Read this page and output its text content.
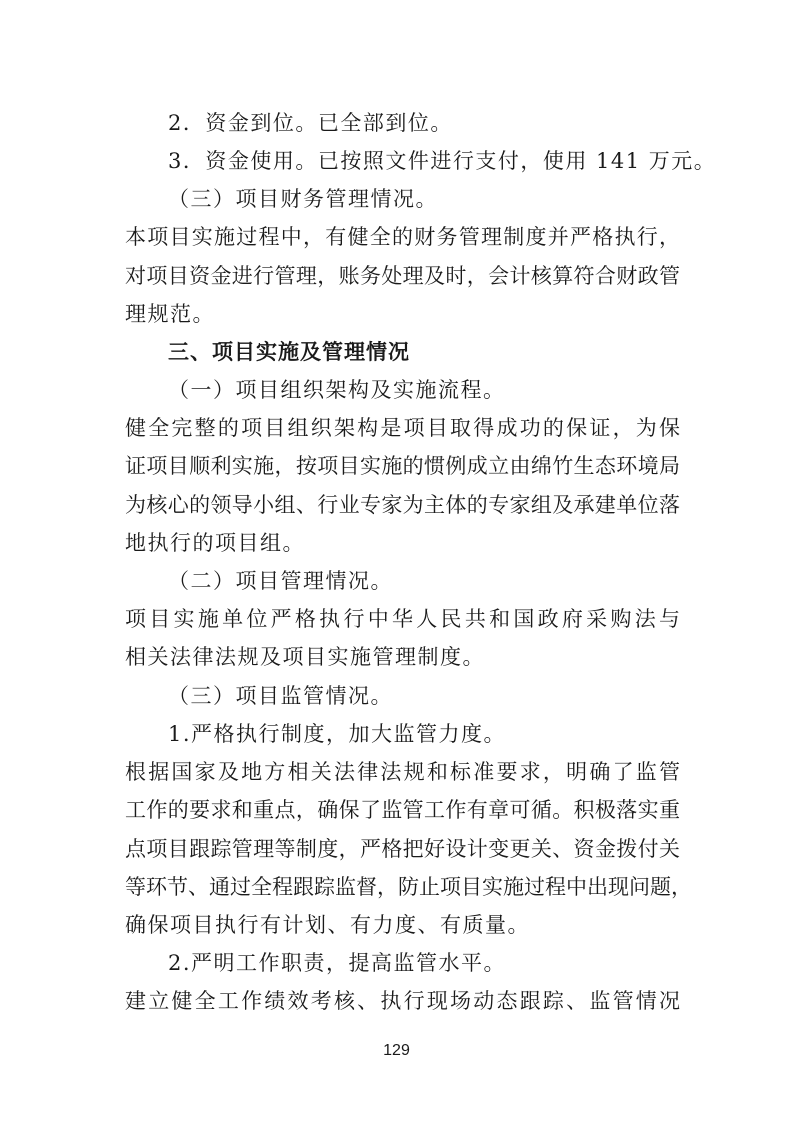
2．资金到位。已全部到位。
3．资金使用。已按照文件进行支付，使用 141 万元。
（三）项目财务管理情况。
本项目实施过程中，有健全的财务管理制度并严格执行，
对项目资金进行管理，账务处理及时，会计核算符合财政管
理规范。
三、项目实施及管理情况
（一）项目组织架构及实施流程。
健全完整的项目组织架构是项目取得成功的保证，为保
证项目顺利实施，按项目实施的惯例成立由绵竹生态环境局
为核心的领导小组、行业专家为主体的专家组及承建单位落
地执行的项目组。
（二）项目管理情况。
项目实施单位严格执行中华人民共和国政府采购法与
相关法律法规及项目实施管理制度。
（三）项目监管情况。
1.严格执行制度，加大监管力度。
根据国家及地方相关法律法规和标准要求，明确了监管
工作的要求和重点，确保了监管工作有章可循。积极落实重
点项目跟踪管理等制度，严格把好设计变更关、资金拨付关
等环节、通过全程跟踪监督，防止项目实施过程中出现问题，
确保项目执行有计划、有力度、有质量。
2.严明工作职责，提高监管水平。
建立健全工作绩效考核、执行现场动态跟踪、监管情况
129
